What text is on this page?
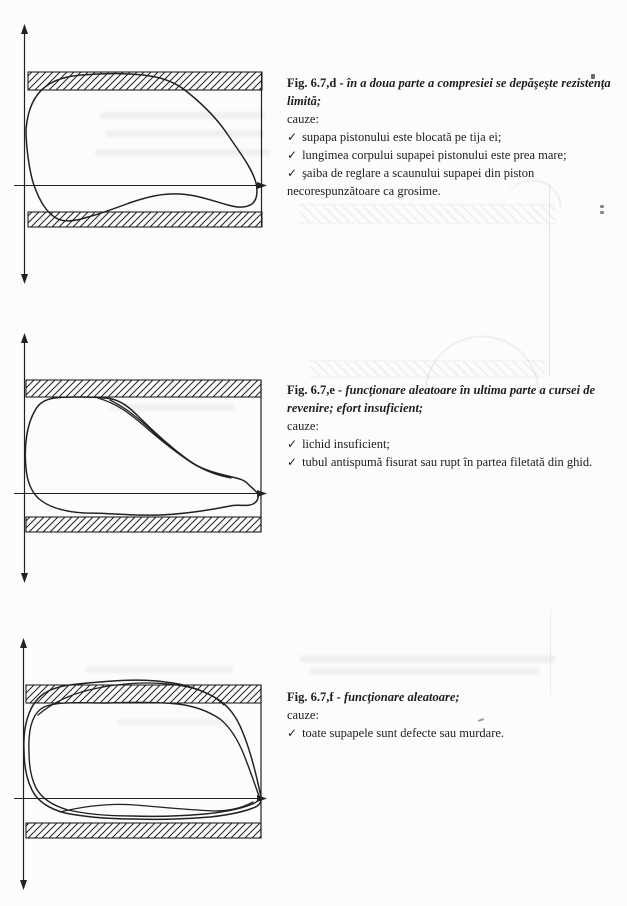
Fig. 6.7,d - în a doua parte a compresiei se depăşeşte rezistenţa limită;

cauze:

✓ supapa pistonului este blocată pe tija ei;

✓ lungimea corpului supapei pistonului este prea mare;

✓ şaiba de reglare a scaunului supapei din piston necorespunzătoare ca grosime.

Fig. 6.7,e - funcţionare aleatoare în ultima parte a cursei de revenire; efort insuficient;

cauze:

✓ lichid insuficient;

✓ tubul antispumă fisurat sau rupt în partea filetată din ghid.

Fig. 6.7,f - funcţionare aleatoare;

cauze:

✓ toate supapele sunt defecte sau murdare.
